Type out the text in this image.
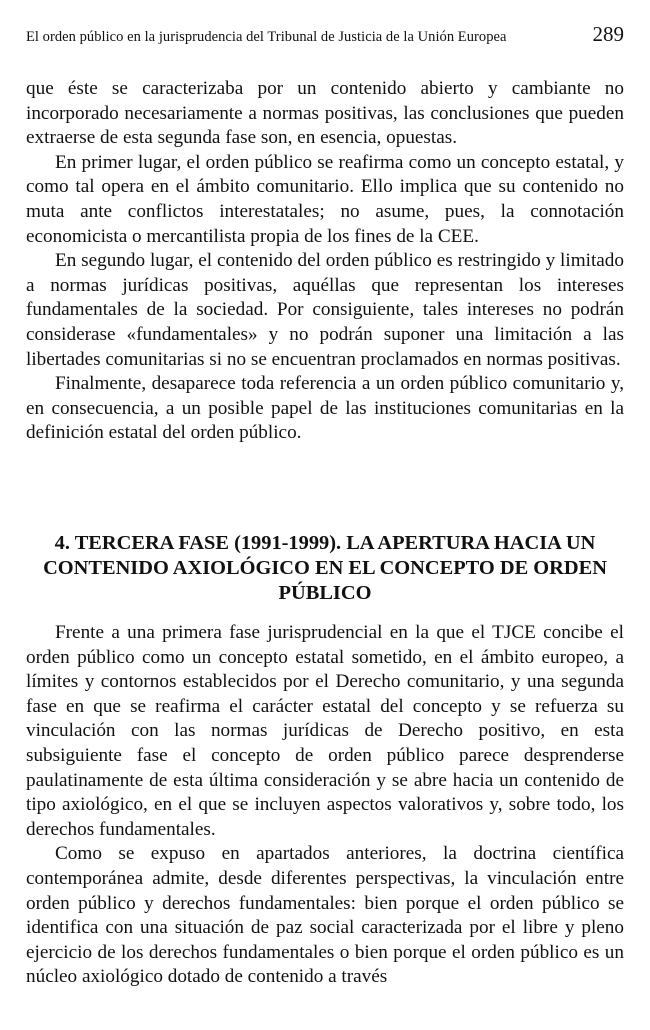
El orden público en la jurisprudencia del Tribunal de Justicia de la Unión Europea	289

que éste se caracterizaba por un contenido abierto y cambiante no incorporado necesariamente a normas positivas, las conclusiones que pueden extraerse de esta segunda fase son, en esencia, opuestas.

En primer lugar, el orden público se reafirma como un concepto estatal, y como tal opera en el ámbito comunitario. Ello implica que su contenido no muta ante conflictos interestatales; no asume, pues, la connotación economicista o mercantilista propia de los fines de la CEE.

En segundo lugar, el contenido del orden público es restringido y limitado a normas jurídicas positivas, aquéllas que representan los intereses fundamentales de la sociedad. Por consiguiente, tales intereses no podrán considerase «fundamentales» y no podrán suponer una limitación a las libertades comunitarias si no se encuentran proclamados en normas positivas.

Finalmente, desaparece toda referencia a un orden público comunitario y, en consecuencia, a un posible papel de las instituciones comunitarias en la definición estatal del orden público.

4. TERCERA FASE (1991-1999). LA APERTURA HACIA UN CONTENIDO AXIOLÓGICO EN EL CONCEPTO DE ORDEN PÚBLICO

Frente a una primera fase jurisprudencial en la que el TJCE concibe el orden público como un concepto estatal sometido, en el ámbito europeo, a límites y contornos establecidos por el Derecho comunitario, y una segunda fase en que se reafirma el carácter estatal del concepto y se refuerza su vinculación con las normas jurídicas de Derecho positivo, en esta subsiguiente fase el concepto de orden público parece desprenderse paulatinamente de esta última consideración y se abre hacia un contenido de tipo axiológico, en el que se incluyen aspectos valorativos y, sobre todo, los derechos fundamentales.

Como se expuso en apartados anteriores, la doctrina científica contemporánea admite, desde diferentes perspectivas, la vinculación entre orden público y derechos fundamentales: bien porque el orden público se identifica con una situación de paz social caracterizada por el libre y pleno ejercicio de los derechos fundamentales o bien porque el orden público es un núcleo axiológico dotado de contenido a través
